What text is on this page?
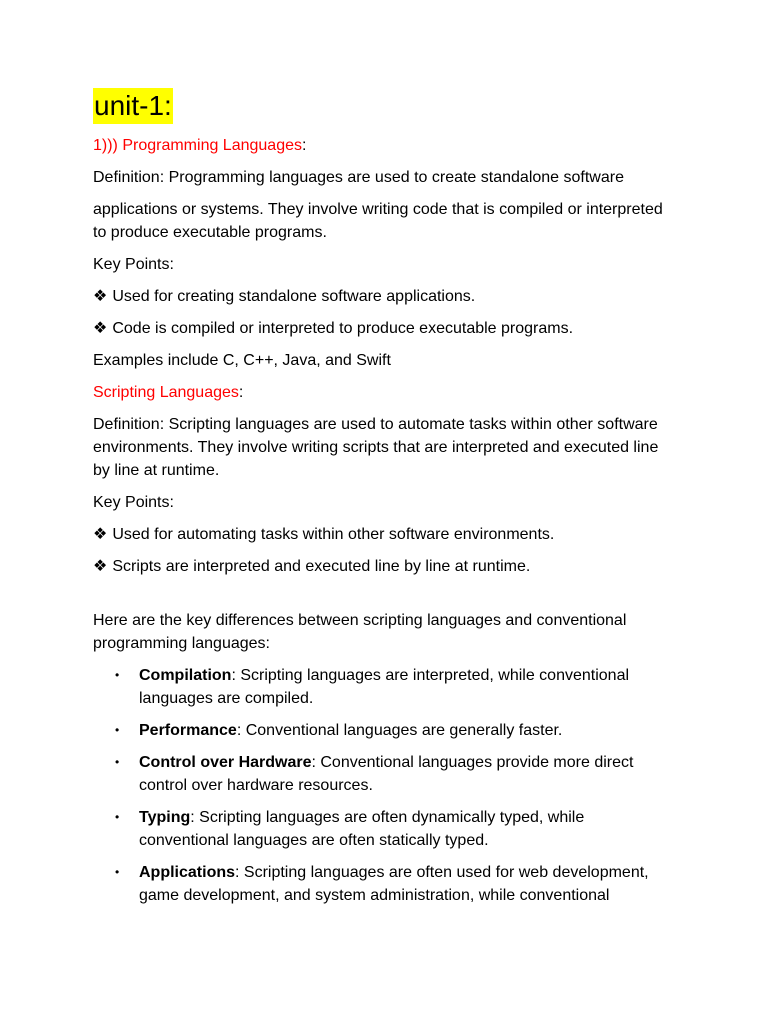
unit-1:
1))) Programming Languages:

Definition: Programming languages are used to create standalone software

applications or systems. They involve writing code that is compiled or interpreted to produce executable programs.

Key Points:

❖ Used for creating standalone software applications.

❖ Code is compiled or interpreted to produce executable programs.

Examples include C, C++, Java, and Swift

Scripting Languages:

Definition: Scripting languages are used to automate tasks within other software environments. They involve writing scripts that are interpreted and executed line by line at runtime.

Key Points:

❖ Used for automating tasks within other software environments.

❖ Scripts are interpreted and executed line by line at runtime.

Here are the key differences between scripting languages and conventional programming languages:

• Compilation: Scripting languages are interpreted, while conventional languages are compiled.
• Performance: Conventional languages are generally faster.
• Control over Hardware: Conventional languages provide more direct control over hardware resources.
• Typing: Scripting languages are often dynamically typed, while conventional languages are often statically typed.
• Applications: Scripting languages are often used for web development, game development, and system administration, while conventional
